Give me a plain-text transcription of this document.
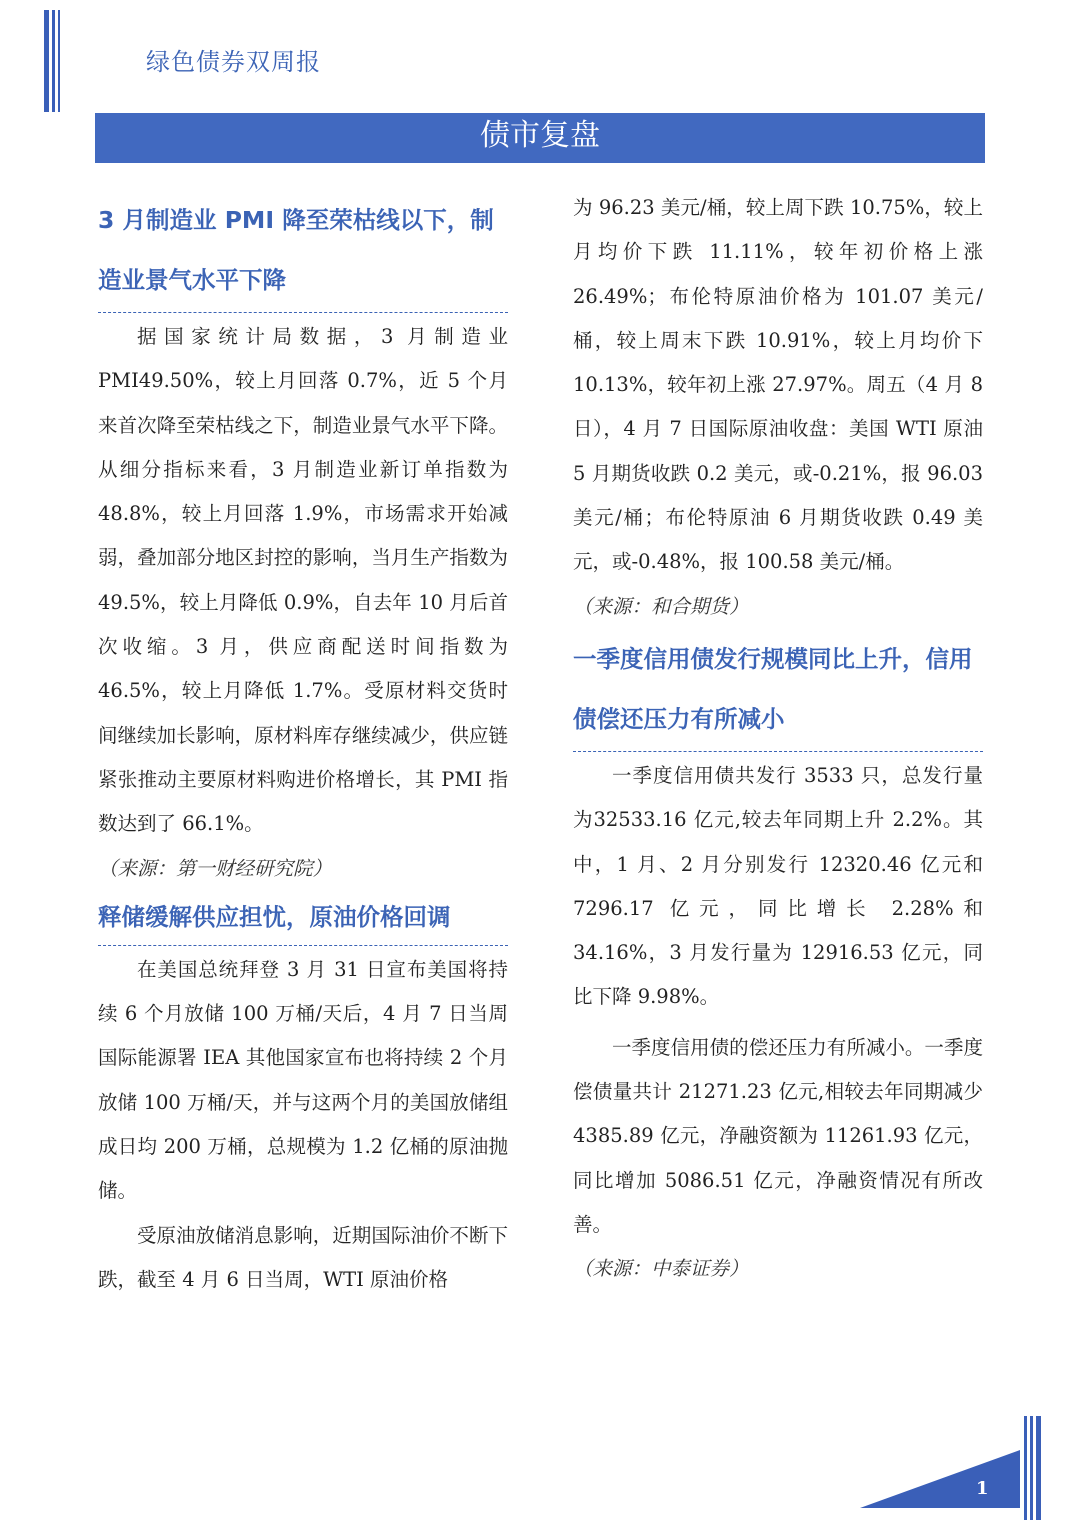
绿色债券双周报
债市复盘
3 月制造业 PMI 降至荣枯线以下，制造业景气水平下降

据国家统计局数据，3 月制造业PMI49.50%，较上月回落 0.7%，近 5 个月来首次降至荣枯线之下，制造业景气水平下降。从细分指标来看，3 月制造业新订单指数为 48.8%，较上月回落 1.9%，市场需求开始减弱，叠加部分地区封控的影响，当月生产指数为 49.5%，较上月降低 0.9%，自去年 10 月后首次收缩。3 月，供应商配送时间指数为 46.5%，较上月降低 1.7%。受原材料交货时间继续加长影响，原材料库存继续减少，供应链紧张推动主要原材料购进价格增长，其 PMI 指数达到了 66.1%。

（来源：第一财经研究院）

释储缓解供应担忧，原油价格回调

在美国总统拜登 3 月 31 日宣布美国将持续 6 个月放储 100 万桶/天后，4 月 7 日当周国际能源署 IEA 其他国家宣布也将持续 2 个月放储 100 万桶/天，并与这两个月的美国放储组成日均 200 万桶，总规模为 1.2 亿桶的原油抛储。

受原油放储消息影响，近期国际油价不断下跌，截至 4 月 6 日当周，WTI 原油价格

为 96.23 美元/桶，较上周下跌 10.75%，较上月均价下跌 11.11%，较年初价格上涨 26.49%；布伦特原油价格为 101.07 美元/桶，较上周末下跌 10.91%，较上月均价下 10.13%，较年初上涨 27.97%。周五（4 月 8 日），4 月 7 日国际原油收盘：美国 WTI 原油 5 月期货收跌 0.2 美元，或-0.21%，报 96.03 美元/桶；布伦特原油 6 月期货收跌 0.49 美元，或-0.48%，报 100.58 美元/桶。

（来源：和合期货）

一季度信用债发行规模同比上升，信用债偿还压力有所减小

一季度信用债共发行 3533 只，总发行量为32533.16 亿元,较去年同期上升 2.2%。其中，1 月、2 月分别发行 12320.46 亿元和7296.17 亿元，同比增长 2.28%和 34.16%，3 月发行量为 12916.53 亿元，同比下降 9.98%。

一季度信用债的偿还压力有所减小。一季度偿债量共计 21271.23 亿元,相较去年同期减少 4385.89 亿元，净融资额为 11261.93 亿元，同比增加 5086.51 亿元，净融资情况有所改善。

（来源：中泰证券）

1
